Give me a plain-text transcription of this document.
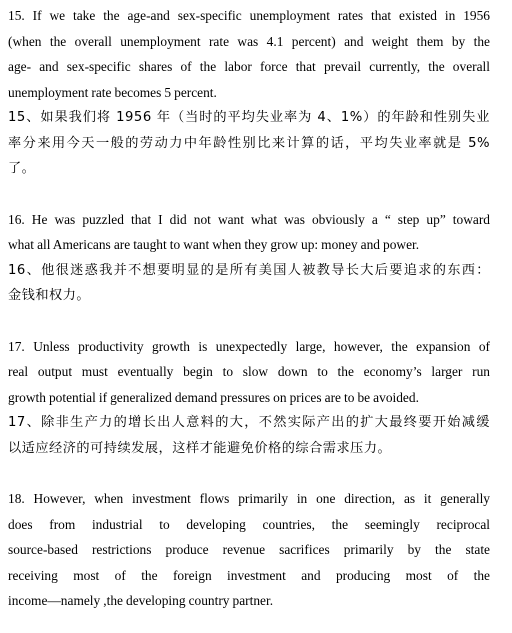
15. If we take the age-and sex-specific unemployment rates that existed in 1956
(when the overall unemployment rate was 4.1 percent) and weight them by the
age- and sex-specific shares of the labor force that prevail currently, the overall
unemployment rate becomes 5 percent.

15、如果我们将 1956 年（当时的平均失业率为 4、1%）的年龄和性别失业
率分来用今天一般的劳动力中年龄性别比来计算的话，平均失业率就是 5%
了。

16. He was puzzled that I did not want what was obviously a “ step up” toward
what all Americans are taught to want when they grow up: money and power.

16、他很迷惑我并不想要明显的是所有美国人被教导长大后要追求的东西：
金钱和权力。

17. Unless productivity growth is unexpectedly large, however, the expansion of
real output must eventually begin to slow down to the economy’s larger run
growth potential if generalized demand pressures on prices are to be avoided.

17、除非生产力的增长出人意料的大，不然实际产出的扩大最终要开始减缓
以适应经济的可持续发展，这样才能避免价格的综合需求压力。

18. However, when investment flows primarily in one direction, as it generally
does from industrial to developing countries, the seemingly reciprocal
source-based restrictions produce revenue sacrifices primarily by the state
receiving most of the foreign investment and producing most of the
income—namely ,the developing country partner.
